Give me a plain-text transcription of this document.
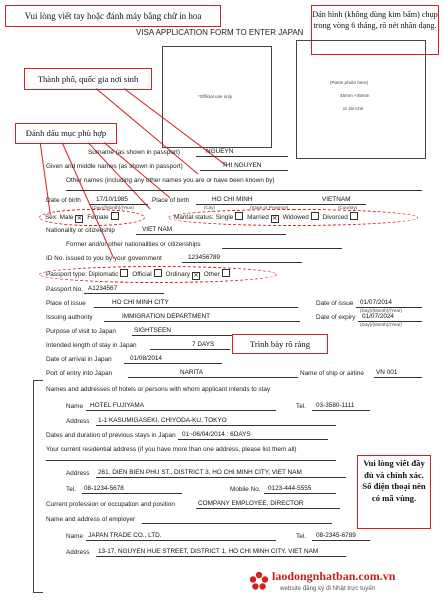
Vui lòng viết tay hoặc đánh máy bằng chữ in hoa	Dán hình (không dùng kim bấm) chụp trong vòng 6 tháng, rõ nét nhãn dạng.
VISA APPLICATION FORM TO ENTER JAPAN
(Paste photo here)
45mm ×45mm
or 2in×2in
*Official use only
Thành phố, quốc gia nơi sinh
Đánh dấu mục phù hợp
Surname (as shown in passport)	NGUEYN
Given and middle names (as shown in passport)	THI NGUYEN
Other names (including any other names you are or have been known by)
Date of birth 17/10/1985	Place of birth	HO CHI MINH	VIETNAM
(Day)/(Month)/(Year)	(City)	(State or Province)	(Country)
Sex: Male ✕ Female	Marital status: Single Married ✕ Widowed Divorced
Nationality or citizenship	VIET NAM
Former and/or other nationalities or citizenships
ID No. issued to you by your government	123456789
Passport type: Diplomatic Official Ordinary ✕ Other
Passport No. A1234567
Place of issue	HO CHI MINH CITY	Date of issue 01/07/2014
(Day)/(Month)/(Year)
Issuing authority	IMMIGRATION DEPARTMENT	Date of expiry 01/07/2024
(Day)/(Month)/(Year)
Purpose of visit to Japan	SIGHTSEEN
Intended length of stay in Japan	7 DAYS	Trình bày rõ ràng
Date of arrival in Japan	01/08/2014
Port of entry into Japan	NARITA	Name of ship or airline VN 001
Names and addresses of hotels or persons with whom applicant intends to stay
Name HOTEL FUJIYAMA	Tel. 03-3580-1111
Address 1-1 KASUMIGASEKI, CHIYODA-KU, TOKYO
Dates and duration of previous stays in Japan 01~06/04/2014 : 6DAYS
Your current residential address (if you have more than one address, please list them all)
Address 261, DIEN BIEN PHU ST., DISTRICT 3, HO CHI MINH CITY, VIET NAM
Tel. 08-1234-5678	Mobile No. 0123-444-5555
Current profession or occupation and position	COMPANY EMPLOYEE, DIRECTOR
Name and address of employer
Name JAPAN TRADE CO., LTD.	Tel. 08-2345-6789
Address 13-17, NGUYEN HUE STREET, DISTRICT 1, HO CHI MINH CITY, VIET NAM
Vui lòng viết đầy đủ và chính xác. Số điện thoại nên có mã vùng.
laodongnhatban.com.vn
website đăng ký đi Nhật trực tuyến
